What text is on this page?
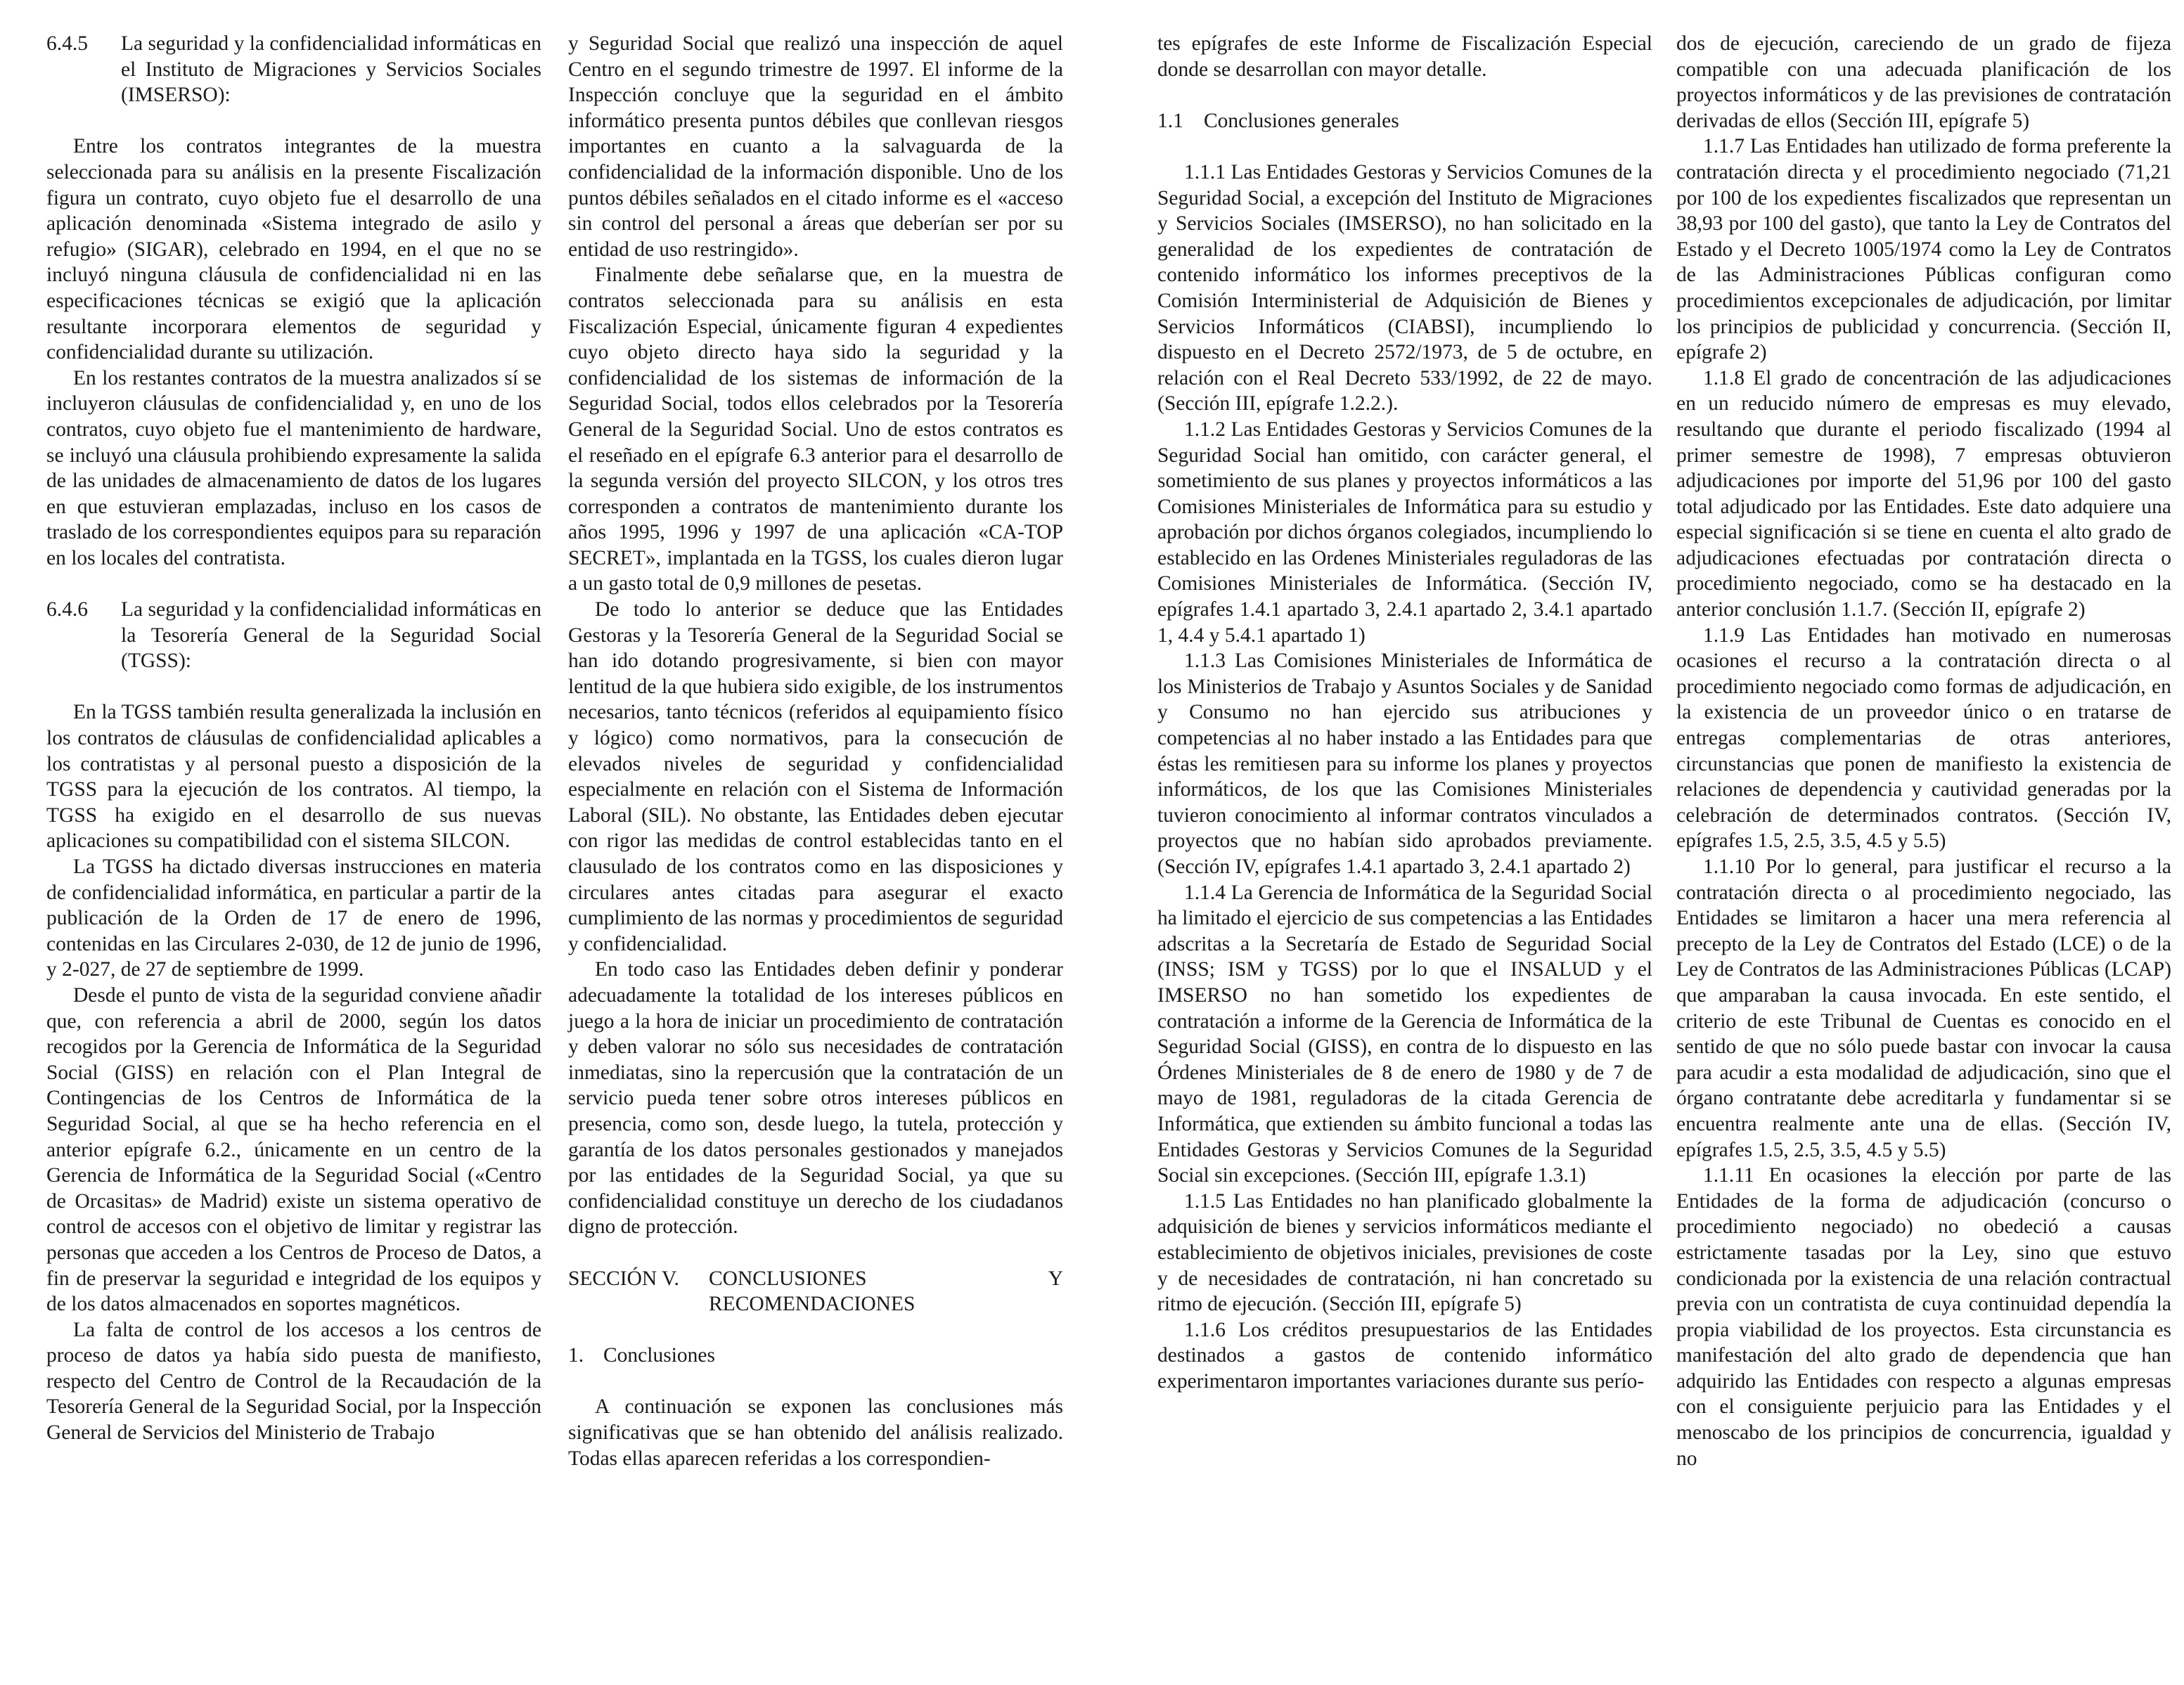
6.4.5	La seguridad y la confidencialidad informáticas en el Instituto de Migraciones y Servicios Sociales (IMSERSO):

Entre los contratos integrantes de la muestra seleccionada para su análisis en la presente Fiscalización figura un contrato, cuyo objeto fue el desarrollo de una aplicación denominada «Sistema integrado de asilo y refugio» (SIGAR), celebrado en 1994, en el que no se incluyó ninguna cláusula de confidencialidad ni en las especificaciones técnicas se exigió que la aplicación resultante incorporara elementos de seguridad y confidencialidad durante su utilización.

En los restantes contratos de la muestra analizados sí se incluyeron cláusulas de confidencialidad y, en uno de los contratos, cuyo objeto fue el mantenimiento de hardware, se incluyó una cláusula prohibiendo expresamente la salida de las unidades de almacenamiento de datos de los lugares en que estuvieran emplazadas, incluso en los casos de traslado de los correspondientes equipos para su reparación en los locales del contratista.

6.4.6	La seguridad y la confidencialidad informáticas en la Tesorería General de la Seguridad Social (TGSS):

En la TGSS también resulta generalizada la inclusión en los contratos de cláusulas de confidencialidad aplicables a los contratistas y al personal puesto a disposición de la TGSS para la ejecución de los contratos. Al tiempo, la TGSS ha exigido en el desarrollo de sus nuevas aplicaciones su compatibilidad con el sistema SILCON.

La TGSS ha dictado diversas instrucciones en materia de confidencialidad informática, en particular a partir de la publicación de la Orden de 17 de enero de 1996, contenidas en las Circulares 2-030, de 12 de junio de 1996, y 2-027, de 27 de septiembre de 1999.

Desde el punto de vista de la seguridad conviene añadir que, con referencia a abril de 2000, según los datos recogidos por la Gerencia de Informática de la Seguridad Social (GISS) en relación con el Plan Integral de Contingencias de los Centros de Informática de la Seguridad Social, al que se ha hecho referencia en el anterior epígrafe 6.2., únicamente en un centro de la Gerencia de Informática de la Seguridad Social («Centro de Orcasitas» de Madrid) existe un sistema operativo de control de accesos con el objetivo de limitar y registrar las personas que acceden a los Centros de Proceso de Datos, a fin de preservar la seguridad e integridad de los equipos y de los datos almacenados en soportes magnéticos.

La falta de control de los accesos a los centros de proceso de datos ya había sido puesta de manifiesto, respecto del Centro de Control de la Recaudación de la Tesorería General de la Seguridad Social, por la Inspección General de Servicios del Ministerio de Trabajo

y Seguridad Social que realizó una inspección de aquel Centro en el segundo trimestre de 1997. El informe de la Inspección concluye que la seguridad en el ámbito informático presenta puntos débiles que conllevan riesgos importantes en cuanto a la salvaguarda de la confidencialidad de la información disponible. Uno de los puntos débiles señalados en el citado informe es el «acceso sin control del personal a áreas que deberían ser por su entidad de uso restringido».

Finalmente debe señalarse que, en la muestra de contratos seleccionada para su análisis en esta Fiscalización Especial, únicamente figuran 4 expedientes cuyo objeto directo haya sido la seguridad y la confidencialidad de los sistemas de información de la Seguridad Social, todos ellos celebrados por la Tesorería General de la Seguridad Social. Uno de estos contratos es el reseñado en el epígrafe 6.3 anterior para el desarrollo de la segunda versión del proyecto SILCON, y los otros tres corresponden a contratos de mantenimiento durante los años 1995, 1996 y 1997 de una aplicación «CA-TOP SECRET», implantada en la TGSS, los cuales dieron lugar a un gasto total de 0,9 millones de pesetas.

De todo lo anterior se deduce que las Entidades Gestoras y la Tesorería General de la Seguridad Social se han ido dotando progresivamente, si bien con mayor lentitud de la que hubiera sido exigible, de los instrumentos necesarios, tanto técnicos (referidos al equipamiento físico y lógico) como normativos, para la consecución de elevados niveles de seguridad y confidencialidad especialmente en relación con el Sistema de Información Laboral (SIL). No obstante, las Entidades deben ejecutar con rigor las medidas de control establecidas tanto en el clausulado de los contratos como en las disposiciones y circulares antes citadas para asegurar el exacto cumplimiento de las normas y procedimientos de seguridad y confidencialidad.

En todo caso las Entidades deben definir y ponderar adecuadamente la totalidad de los intereses públicos en juego a la hora de iniciar un procedimiento de contratación y deben valorar no sólo sus necesidades de contratación inmediatas, sino la repercusión que la contratación de un servicio pueda tener sobre otros intereses públicos en presencia, como son, desde luego, la tutela, protección y garantía de los datos personales gestionados y manejados por las entidades de la Seguridad Social, ya que su confidencialidad constituye un derecho de los ciudadanos digno de protección.

SECCIÓN V.	CONCLUSIONES Y RECOMENDACIONES

1. Conclusiones

A continuación se exponen las conclusiones más significativas que se han obtenido del análisis realizado. Todas ellas aparecen referidas a los correspondien-

tes epígrafes de este Informe de Fiscalización Especial donde se desarrollan con mayor detalle.

1.1 Conclusiones generales

1.1.1 Las Entidades Gestoras y Servicios Comunes de la Seguridad Social, a excepción del Instituto de Migraciones y Servicios Sociales (IMSERSO), no han solicitado en la generalidad de los expedientes de contratación de contenido informático los informes preceptivos de la Comisión Interministerial de Adquisición de Bienes y Servicios Informáticos (CIABSI), incumpliendo lo dispuesto en el Decreto 2572/1973, de 5 de octubre, en relación con el Real Decreto 533/1992, de 22 de mayo. (Sección III, epígrafe 1.2.2.).

1.1.2 Las Entidades Gestoras y Servicios Comunes de la Seguridad Social han omitido, con carácter general, el sometimiento de sus planes y proyectos informáticos a las Comisiones Ministeriales de Informática para su estudio y aprobación por dichos órganos colegiados, incumpliendo lo establecido en las Ordenes Ministeriales reguladoras de las Comisiones Ministeriales de Informática. (Sección IV, epígrafes 1.4.1 apartado 3, 2.4.1 apartado 2, 3.4.1 apartado 1, 4.4 y 5.4.1 apartado 1)

1.1.3 Las Comisiones Ministeriales de Informática de los Ministerios de Trabajo y Asuntos Sociales y de Sanidad y Consumo no han ejercido sus atribuciones y competencias al no haber instado a las Entidades para que éstas les remitiesen para su informe los planes y proyectos informáticos, de los que las Comisiones Ministeriales tuvieron conocimiento al informar contratos vinculados a proyectos que no habían sido aprobados previamente. (Sección IV, epígrafes 1.4.1 apartado 3, 2.4.1 apartado 2)

1.1.4 La Gerencia de Informática de la Seguridad Social ha limitado el ejercicio de sus competencias a las Entidades adscritas a la Secretaría de Estado de Seguridad Social (INSS; ISM y TGSS) por lo que el INSALUD y el IMSERSO no han sometido los expedientes de contratación a informe de la Gerencia de Informática de la Seguridad Social (GISS), en contra de lo dispuesto en las Órdenes Ministeriales de 8 de enero de 1980 y de 7 de mayo de 1981, reguladoras de la citada Gerencia de Informática, que extienden su ámbito funcional a todas las Entidades Gestoras y Servicios Comunes de la Seguridad Social sin excepciones. (Sección III, epígrafe 1.3.1)

1.1.5 Las Entidades no han planificado globalmente la adquisición de bienes y servicios informáticos mediante el establecimiento de objetivos iniciales, previsiones de coste y de necesidades de contratación, ni han concretado su ritmo de ejecución. (Sección III, epígrafe 5)

1.1.6 Los créditos presupuestarios de las Entidades destinados a gastos de contenido informático experimentaron importantes variaciones durante sus perío-

dos de ejecución, careciendo de un grado de fijeza compatible con una adecuada planificación de los proyectos informáticos y de las previsiones de contratación derivadas de ellos (Sección III, epígrafe 5)

1.1.7 Las Entidades han utilizado de forma preferente la contratación directa y el procedimiento negociado (71,21 por 100 de los expedientes fiscalizados que representan un 38,93 por 100 del gasto), que tanto la Ley de Contratos del Estado y el Decreto 1005/1974 como la Ley de Contratos de las Administraciones Públicas configuran como procedimientos excepcionales de adjudicación, por limitar los principios de publicidad y concurrencia. (Sección II, epígrafe 2)

1.1.8 El grado de concentración de las adjudicaciones en un reducido número de empresas es muy elevado, resultando que durante el periodo fiscalizado (1994 al primer semestre de 1998), 7 empresas obtuvieron adjudicaciones por importe del 51,96 por 100 del gasto total adjudicado por las Entidades. Este dato adquiere una especial significación si se tiene en cuenta el alto grado de adjudicaciones efectuadas por contratación directa o procedimiento negociado, como se ha destacado en la anterior conclusión 1.1.7. (Sección II, epígrafe 2)

1.1.9 Las Entidades han motivado en numerosas ocasiones el recurso a la contratación directa o al procedimiento negociado como formas de adjudicación, en la existencia de un proveedor único o en tratarse de entregas complementarias de otras anteriores, circunstancias que ponen de manifiesto la existencia de relaciones de dependencia y cautividad generadas por la celebración de determinados contratos. (Sección IV, epígrafes 1.5, 2.5, 3.5, 4.5 y 5.5)

1.1.10 Por lo general, para justificar el recurso a la contratación directa o al procedimiento negociado, las Entidades se limitaron a hacer una mera referencia al precepto de la Ley de Contratos del Estado (LCE) o de la Ley de Contratos de las Administraciones Públicas (LCAP) que amparaban la causa invocada. En este sentido, el criterio de este Tribunal de Cuentas es conocido en el sentido de que no sólo puede bastar con invocar la causa para acudir a esta modalidad de adjudicación, sino que el órgano contratante debe acreditarla y fundamentar si se encuentra realmente ante una de ellas. (Sección IV, epígrafes 1.5, 2.5, 3.5, 4.5 y 5.5)

1.1.11 En ocasiones la elección por parte de las Entidades de la forma de adjudicación (concurso o procedimiento negociado) no obedeció a causas estrictamente tasadas por la Ley, sino que estuvo condicionada por la existencia de una relación contractual previa con un contratista de cuya continuidad dependía la propia viabilidad de los proyectos. Esta circunstancia es manifestación del alto grado de dependencia que han adquirido las Entidades con respecto a algunas empresas con el consiguiente perjuicio para las Entidades y el menoscabo de los principios de concurrencia, igualdad y no
